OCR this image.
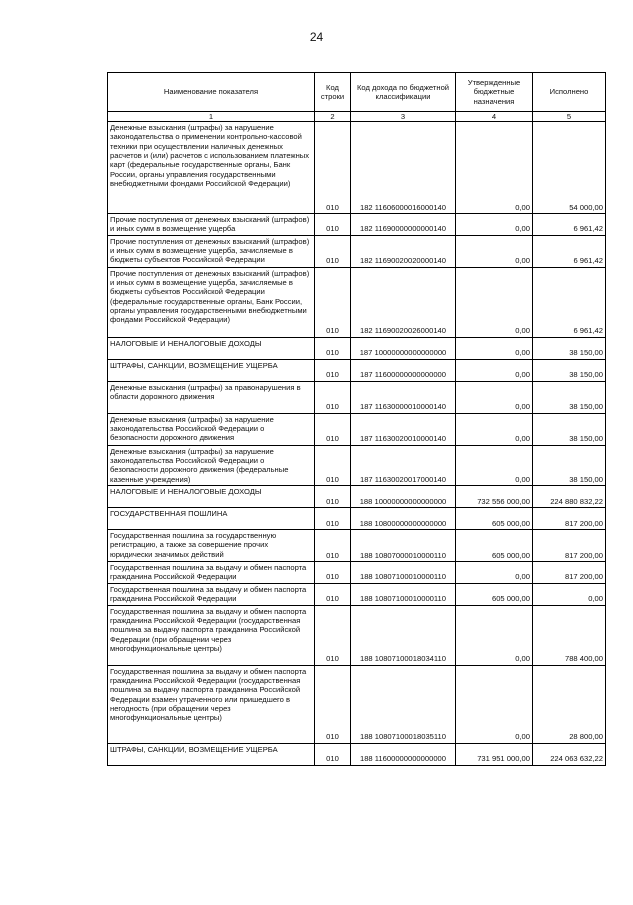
24
Наименование показателя	Код строки	Код дохода по бюджетной классификации	Утвержденные бюджетные назначения	Исполнено
1	2	3	4	5
Денежные взыскания (штрафы) за нарушение законодательства о применении контрольно-кассовой техники при осуществлении наличных денежных расчетов и (или) расчетов с использованием платежных карт (федеральные государственные органы, Банк России, органы управления государственными внебюджетными фондами Российской Федерации)	010	182 11606000016000140	0,00	54 000,00
Прочие поступления от денежных взысканий (штрафов) и иных сумм в возмещение ущерба	010	182 11690000000000140	0,00	6 961,42
Прочие поступления от денежных взысканий (штрафов) и иных сумм в возмещение ущерба, зачисляемые в бюджеты субъектов Российской Федерации	010	182 11690020020000140	0,00	6 961,42
Прочие поступления от денежных взысканий (штрафов) и иных сумм в возмещение ущерба, зачисляемые в бюджеты субъектов Российской Федерации (федеральные государственные органы, Банк России, органы управления государственными внебюджетными фондами Российской Федерации)	010	182 11690020026000140	0,00	6 961,42
НАЛОГОВЫЕ И НЕНАЛОГОВЫЕ ДОХОДЫ	010	187 10000000000000000	0,00	38 150,00
ШТРАФЫ, САНКЦИИ, ВОЗМЕЩЕНИЕ УЩЕРБА	010	187 11600000000000000	0,00	38 150,00
Денежные взыскания (штрафы) за правонарушения в области дорожного движения	010	187 11630000010000140	0,00	38 150,00
Денежные взыскания (штрафы) за нарушение законодательства Российской Федерации о безопасности дорожного движения	010	187 11630020010000140	0,00	38 150,00
Денежные взыскания (штрафы) за нарушение законодательства Российской Федерации о безопасности дорожного движения (федеральные казенные учреждения)	010	187 11630020017000140	0,00	38 150,00
НАЛОГОВЫЕ И НЕНАЛОГОВЫЕ ДОХОДЫ	010	188 10000000000000000	732 556 000,00	224 880 832,22
ГОСУДАРСТВЕННАЯ ПОШЛИНА	010	188 10800000000000000	605 000,00	817 200,00
Государственная пошлина за государственную регистрацию, а также за совершение прочих юридически значимых действий	010	188 10807000010000110	605 000,00	817 200,00
Государственная пошлина за выдачу и обмен паспорта гражданина Российской Федерации	010	188 10807100010000110	0,00	817 200,00
Государственная пошлина за выдачу и обмен паспорта гражданина Российской Федерации	010	188 10807100010000110	605 000,00	0,00
Государственная пошлина за выдачу и обмен паспорта гражданина Российской Федерации (государственная пошлина за выдачу паспорта гражданина Российской Федерации (при обращении через многофункциональные центры)	010	188 10807100018034110	0,00	788 400,00
Государственная пошлина за выдачу и обмен паспорта гражданина Российской Федерации (государственная пошлина за выдачу паспорта гражданина Российской Федерации взамен утраченного или пришедшего в негодность (при обращении через многофункциональные центры)	010	188 10807100018035110	0,00	28 800,00
ШТРАФЫ, САНКЦИИ, ВОЗМЕЩЕНИЕ УЩЕРБА	010	188 11600000000000000	731 951 000,00	224 063 632,22
